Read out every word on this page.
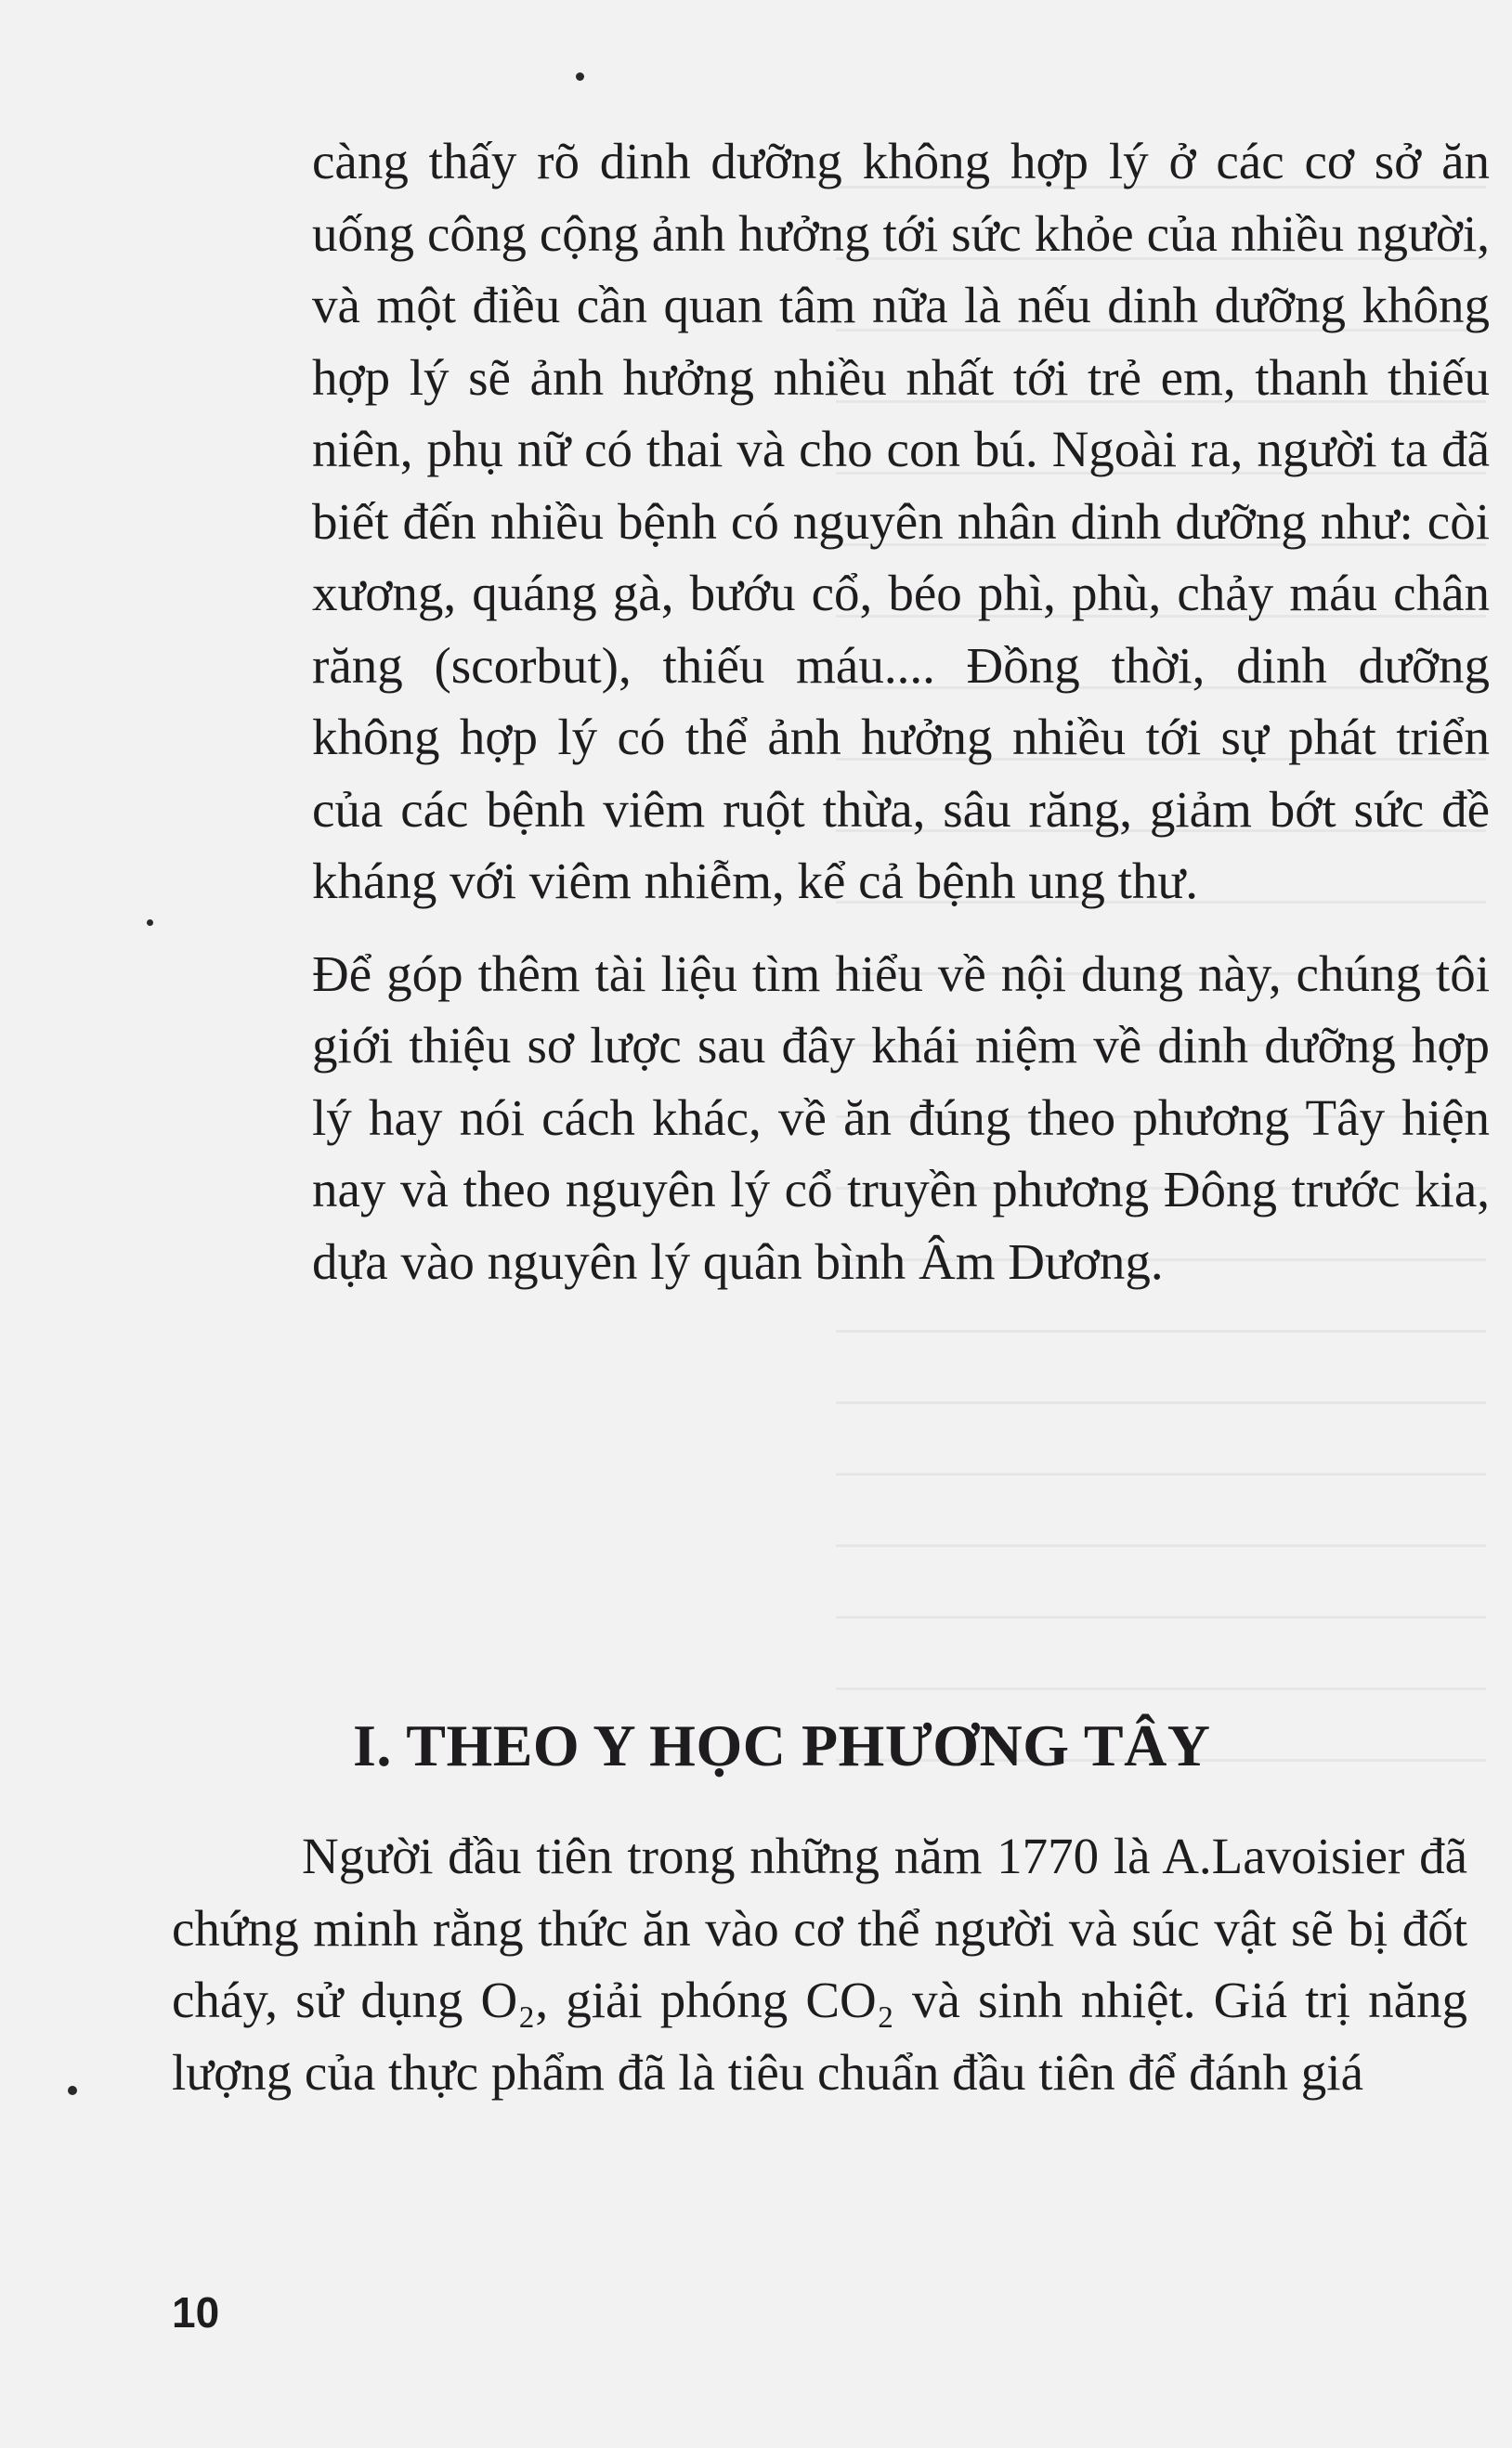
càng thấy rõ dinh dưỡng không hợp lý ở các cơ sở ăn uống công cộng ảnh hưởng tới sức khỏe của nhiều người, và một điều cần quan tâm nữa là nếu dinh dưỡng không hợp lý sẽ ảnh hưởng nhiều nhất tới trẻ em, thanh thiếu niên, phụ nữ có thai và cho con bú. Ngoài ra, người ta đã biết đến nhiều bệnh có nguyên nhân dinh dưỡng như: còi xương, quáng gà, bướu cổ, béo phì, phù, chảy máu chân răng (scorbut), thiếu máu.... Đồng thời, dinh dưỡng không hợp lý có thể ảnh hưởng nhiều tới sự phát triển của các bệnh viêm ruột thừa, sâu răng, giảm bớt sức đề kháng với viêm nhiễm, kể cả bệnh ung thư.

Để góp thêm tài liệu tìm hiểu về nội dung này, chúng tôi giới thiệu sơ lược sau đây khái niệm về dinh dưỡng hợp lý hay nói cách khác, về ăn đúng theo phương Tây hiện nay và theo nguyên lý cổ truyền phương Đông trước kia, dựa vào nguyên lý quân bình Âm Dương.

I. THEO Y HỌC PHƯƠNG TÂY

Người đầu tiên trong những năm 1770 là A.Lavoisier đã chứng minh rằng thức ăn vào cơ thể người và súc vật sẽ bị đốt cháy, sử dụng O₂, giải phóng CO₂ và sinh nhiệt. Giá trị năng lượng của thực phẩm đã là tiêu chuẩn đầu tiên để đánh giá

10
